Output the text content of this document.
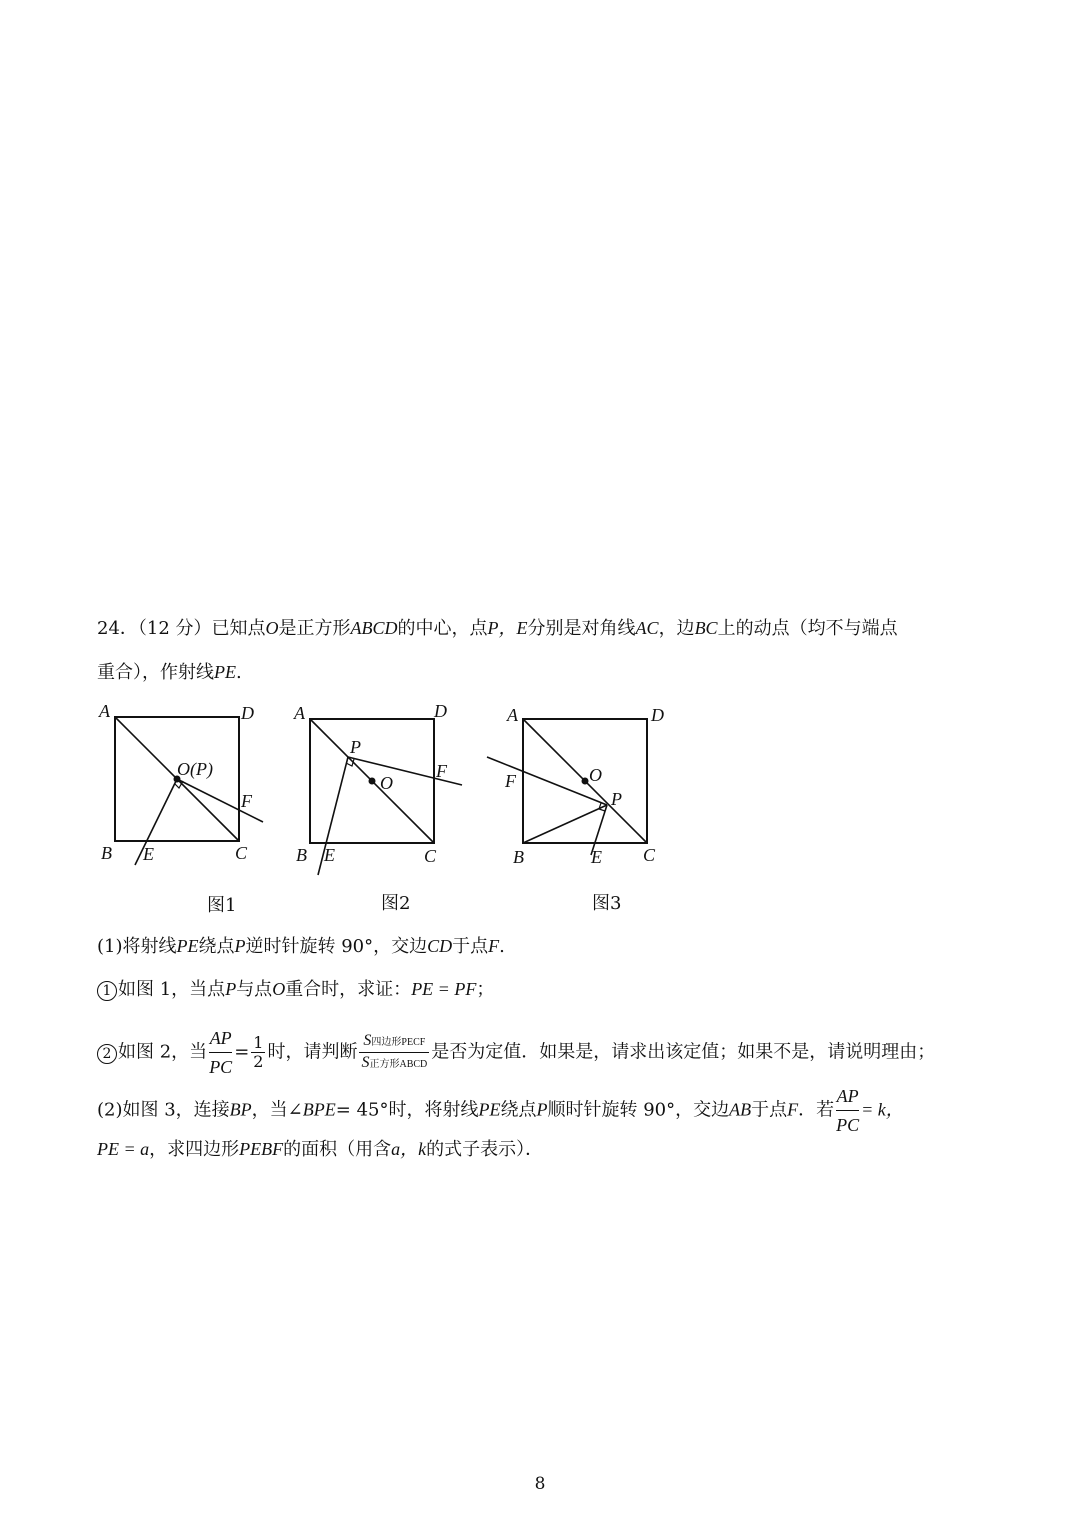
24．（12 分）已知点O是正方形ABCD的中心，点P，E分别是对角线AC，边BC上的动点（均不与端点
重合），作射线PE.
A	D
B	C
E
F
O(P)
图1
A	D
B	C
E
F
O
P
图2
A	D
B	C
E
F	O
P
图3
(1)将射线PE绕点P逆时针旋转 90°，交边CD于点F.
1 如图 1，当点P与点O重合时，求证：PE = PF；
2 如图 2，当 $\frac{AP}{PC} = \frac{1}{2}$ 时，请判断 $\frac{\text{S四边形PECF}}{\text{S正方形ABCD}}$ 是否为定值．如果是，请求出该定值；如果不是，请说明理由；
(2)如图 3，连接BP，当∠BPE= 45°时，将射线PE绕点P顺时针旋转 90°，交边AB于点F．若 $\frac{AP}{PC} = k$，
PE = a，求四边形PEBF的面积（用含a，k的式子表示）．
8
